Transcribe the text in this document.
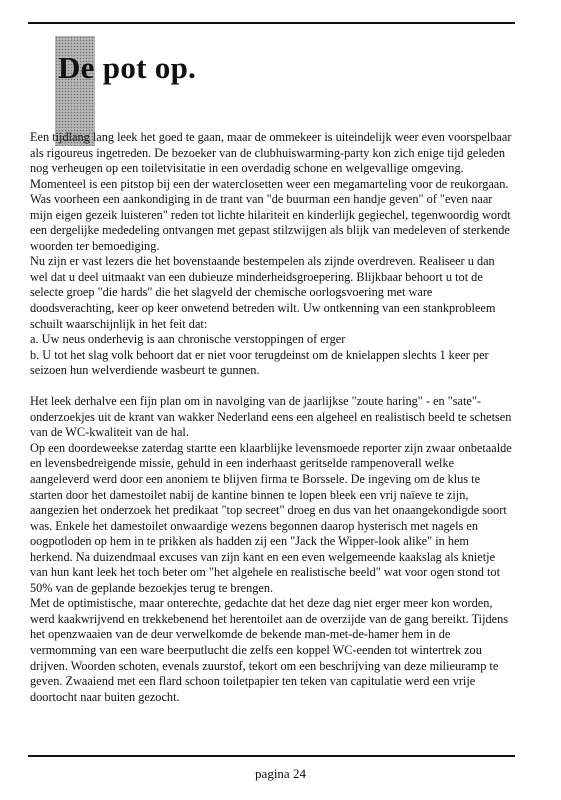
De pot op.

Een tijdlang lang leek het goed te gaan, maar de ommekeer is uiteindelijk weer even voorspelbaar als rigoureus ingetreden. De bezoeker van de clubhuiswarming-party kon zich enige tijd geleden nog verheugen op een toiletvisitatie in een overdadig schone en welgevallige omgeving. Momenteel is een pitstop bij een der waterclosetten weer een megamarteling voor de reukorgaan.

Was voorheen een aankondiging in de trant van "de buurman een handje geven" of "even naar mijn eigen gezeik luisteren" reden tot lichte hilariteit en kinderlijk gegiechel, tegenwoordig wordt een dergelijke mededeling ontvangen met gepast stilzwijgen als blijk van medeleven of sterkende woorden ter bemoediging.

Nu zijn er vast lezers die het bovenstaande bestempelen als zijnde overdreven. Realiseer u dan wel dat u deel uitmaakt van een dubieuze minderheidsgroepering. Blijkbaar behoort u tot de selecte groep "die hards" die het slagveld der chemische oorlogsvoering met ware doodsverachting, keer op keer onwetend betreden wilt. Uw ontkenning van een stankprobleem schuilt waarschijnlijk in het feit dat:

a. Uw neus onderhevig is aan chronische verstoppingen of erger

b. U tot het slag volk behoort dat er niet voor terugdeinst om de knielappen slechts 1 keer per seizoen hun welverdiende wasbeurt te gunnen.

Het leek derhalve een fijn plan om in navolging van de jaarlijkse "zoute haring" - en "sate"- onderzoekjes uit de krant van wakker Nederland eens een algeheel en realistisch beeld te schetsen van de WC-kwaliteit van de hal.

Op een doordeweekse zaterdag startte een klaarblijke levensmoede reporter zijn zwaar onbetaalde en levensbedreigende missie, gehuld in een inderhaast geritselde rampenoverall welke aangeleverd werd door een anoniem te blijven firma te Borssele. De ingeving om de klus te starten door het damestoilet nabij de kantine binnen te lopen bleek een vrij naïeve te zijn, aangezien het onderzoek het predikaat "top secreet" droeg en dus van het onaangekondigde soort was. Enkele het damestoilet onwaardige wezens begonnen daarop hysterisch met nagels en oogpotloden op hem in te prikken als hadden zij een "Jack the Wipper-look alike" in hem herkend. Na duizendmaal excuses van zijn kant en een even welgemeende kaakslag als knietje van hun kant leek het toch beter om "het algehele en realistische beeld" wat voor ogen stond tot 50% van de geplande bezoekjes terug te brengen.

Met de optimistische, maar onterechte, gedachte dat het deze dag niet erger meer kon worden, werd kaakwrijvend en trekkebenend het herentoilet aan de overzijde van de gang bereikt. Tijdens het openzwaaien van de deur verwelkomde de bekende man-met-de-hamer hem in de vermomming van een ware beerputlucht die zelfs een koppel WC-eenden tot wintertrek zou drijven. Woorden schoten, evenals zuurstof, tekort om een beschrijving van deze milieuramp te geven. Zwaaiend met een flard schoon toiletpapier ten teken van capitulatie werd een vrije doortocht naar buiten gezocht.

pagina 24
